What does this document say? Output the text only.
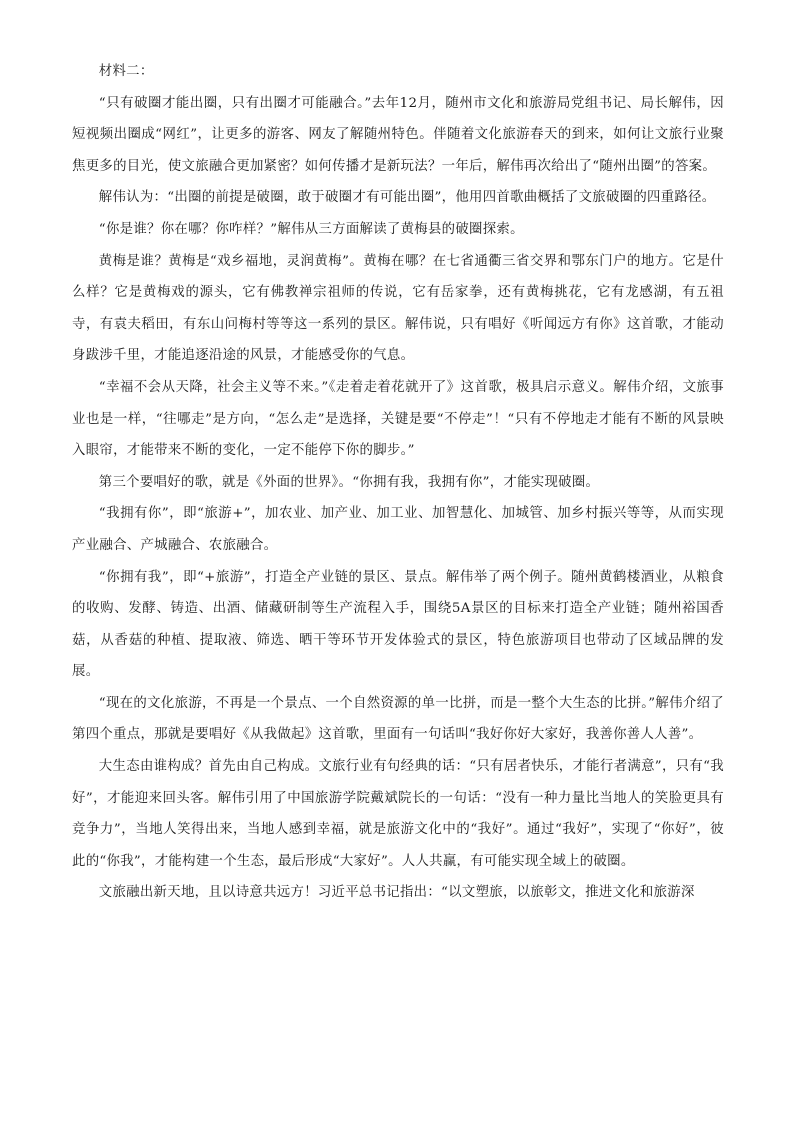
材料二：

“只有破圈才能出圈，只有出圈才可能融合。”去年12月，随州市文化和旅游局党组书记、局长解伟，因短视频出圈成“网红”，让更多的游客、网友了解随州特色。伴随着文化旅游春天的到来，如何让文旅行业聚焦更多的目光，使文旅融合更加紧密？如何传播才是新玩法？一年后，解伟再次给出了“随州出圈”的答案。

解伟认为：“出圈的前提是破圈，敢于破圈才有可能出圈”，他用四首歌曲概括了文旅破圈的四重路径。

“你是谁？你在哪？你咋样？”解伟从三方面解读了黄梅县的破圈探索。

黄梅是谁？黄梅是“戏乡福地，灵润黄梅”。黄梅在哪？在七省通衢三省交界和鄂东门户的地方。它是什么样？它是黄梅戏的源头，它有佛教禅宗祖师的传说，它有岳家拳，还有黄梅挑花，它有龙感湖，有五祖寺，有袁夫稻田，有东山问梅村等等这一系列的景区。解伟说，只有唱好《听闻远方有你》这首歌，才能动身跋涉千里，才能追逐沿途的风景，才能感受你的气息。

“幸福不会从天降，社会主义等不来。”《走着走着花就开了》这首歌，极具启示意义。解伟介绍，文旅事业也是一样，“往哪走”是方向，“怎么走”是选择，关键是要“不停走”！“只有不停地走才能有不断的风景映入眼帘，才能带来不断的变化，一定不能停下你的脚步。”

第三个要唱好的歌，就是《外面的世界》。“你拥有我，我拥有你”，才能实现破圈。

“我拥有你”，即“旅游+”，加农业、加产业、加工业、加智慧化、加城管、加乡村振兴等等，从而实现产业融合、产城融合、农旅融合。

“你拥有我”，即“+旅游”，打造全产业链的景区、景点。解伟举了两个例子。随州黄鹤楼酒业，从粮食的收购、发酵、铸造、出酒、储藏研制等生产流程入手，围绕5A景区的目标来打造全产业链；随州裕国香菇，从香菇的种植、提取液、筛选、晒干等环节开发体验式的景区，特色旅游项目也带动了区域品牌的发展。

“现在的文化旅游，不再是一个景点、一个自然资源的单一比拼，而是一整个大生态的比拼。”解伟介绍了第四个重点，那就是要唱好《从我做起》这首歌，里面有一句话叫“我好你好大家好，我善你善人人善”。

大生态由谁构成？首先由自己构成。文旅行业有句经典的话：“只有居者快乐，才能行者满意”，只有“我好”，才能迎来回头客。解伟引用了中国旅游学院戴斌院长的一句话：“没有一种力量比当地人的笑脸更具有竞争力”，当地人笑得出来，当地人感到幸福，就是旅游文化中的“我好”。通过“我好”，实现了“你好”，彼此的“你我”，才能构建一个生态，最后形成“大家好”。人人共赢，有可能实现全域上的破圈。

文旅融出新天地，且以诗意共远方！习近平总书记指出：“以文塑旅，以旅彰文，推进文化和旅游深
